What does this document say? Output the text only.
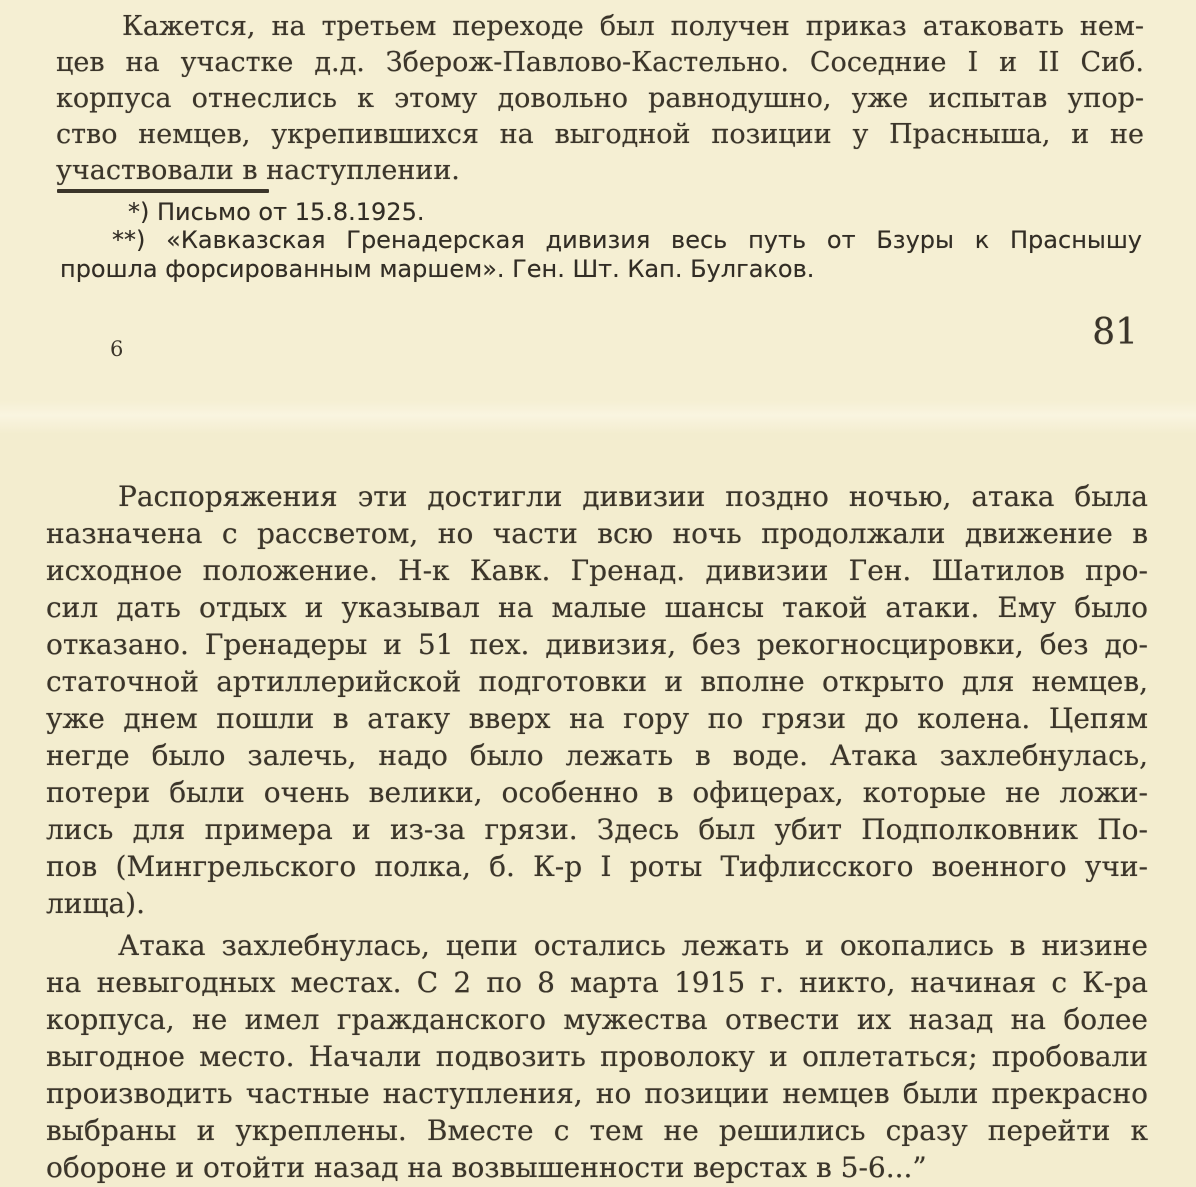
Кажется, на третьем переходе был получен приказ атаковать нем-
цев на участке д.д. Зберож-Павлово-Кастельно. Соседние I и II Сиб.
корпуса отнеслись к этому довольно равнодушно, уже испытав упор-
ство немцев, укрепившихся на выгодной позиции у Прасныша, и не
участвовали в наступлении.
*) Письмо от 15.8.1925.
**) «Кавказская Гренадерская дивизия весь путь от Бзуры к Праснышу
прошла форсированным маршем». Ген. Шт. Кап. Булгаков.
81
6
Распоряжения эти достигли дивизии поздно ночью, атака была
назначена с рассветом, но части всю ночь продолжали движение в
исходное положение. Н-к Кавк. Гренад. дивизии Ген. Шатилов про-
сил дать отдых и указывал на малые шансы такой атаки. Ему было
отказано. Гренадеры и 51 пех. дивизия, без рекогносцировки, без до-
статочной артиллерийской подготовки и вполне открыто для немцев,
уже днем пошли в атаку вверх на гору по грязи до колена. Цепям
негде было залечь, надо было лежать в воде. Атака захлебнулась,
потери были очень велики, особенно в офицерах, которые не ложи-
лись для примера и из-за грязи. Здесь был убит Подполковник По-
пов (Мингрельского полка, б. К-р I роты Тифлисского военного учи-
лища).
Атака захлебнулась, цепи остались лежать и окопались в низине
на невыгодных местах. С 2 по 8 марта 1915 г. никто, начиная с К-ра
корпуса, не имел гражданского мужества отвести их назад на более
выгодное место. Начали подвозить проволоку и оплетаться; пробовали
производить частные наступления, но позиции немцев были прекрасно
выбраны и укреплены. Вместе с тем не решились сразу перейти к
обороне и отойти назад на возвышенности верстах в 5-6...”
